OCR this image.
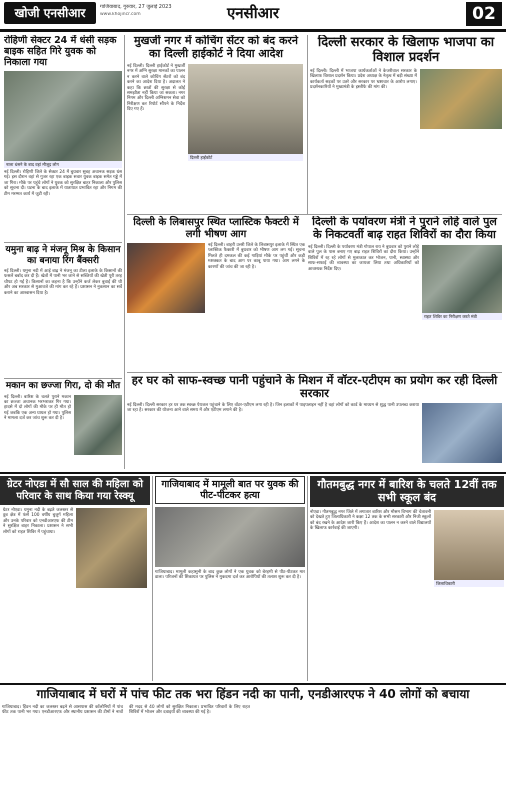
खोजी एनसीआर	गाजियाबाद, गुरुवार, 27 जुलाई 2023
www.khojincr.com	एनसीआर	02
रोहिणी सेक्टर 24 में धंसी सड़क बाइक सहित गिरे युवक को निकाला गया
नाला धंसने के बाद वहां मौजूद लोग
नई दिल्ली। रोहिणी जिले के सेक्टर 24 में बुधवार सुबह अचानक सड़क धंस गई। इस दौरान वहां से गुजर रहा एक बाइक सवार युवक बाइक समेत गड्ढे में जा गिरा। मौके पर पहुंचे लोगों ने युवक को सुरक्षित बाहर निकाला और पुलिस को सूचना दी। घटना के बाद इलाके में यातायात प्रभावित रहा और निगम की टीम मरम्मत कार्य में जुटी रही।
यमुना बाढ़ ने मंजनू मिश्र के किसान का बनाया रिंग बैंक्सरी
नई दिल्ली। यमुना नदी में आई बाढ़ ने मंजनू का टीला इलाके के किसानों की फसलें बर्बाद कर दी हैं। खेतों में पानी भर जाने से सब्जियों की खेती पूरी तरह चौपट हो गई है। किसानों का कहना है कि उन्होंने कर्ज लेकर बुवाई की थी और अब सरकार से मुआवजे की मांग कर रहे हैं। प्रशासन ने नुकसान का सर्वे कराने का आश्वासन दिया है।
मकान का छज्जा गिरा, दो की मौत
नई दिल्ली। बारिश के चलते पुराने मकान का छज्जा अचानक भरभराकर गिर गया। हादसे में दो लोगों की मौके पर ही मौत हो गई जबकि एक अन्य घायल हो गया। पुलिस ने मामला दर्ज कर जांच शुरू कर दी है।
मुखर्जी नगर में कोचिंग सेंटर को बंद करने का दिल्ली हाईकोर्ट ने दिया आदेश
नई दिल्ली। दिल्ली हाईकोर्ट ने मुखर्जी नगर में अग्नि सुरक्षा मानकों का पालन न करने वाले कोचिंग सेंटरों को बंद करने का आदेश दिया है। अदालत ने कहा कि छात्रों की सुरक्षा से कोई समझौता नहीं किया जा सकता। नगर निगम और दिल्ली अग्निशमन सेवा को निरीक्षण कर रिपोर्ट सौंपने के निर्देश दिए गए हैं।
दिल्ली हाईकोर्ट
दिल्ली के लिबासपुर स्थित प्लास्टिक फैक्टरी में लगी भीषण आग
नई दिल्ली। बाहरी उत्तरी जिले के लिबासपुर इलाके में स्थित एक प्लास्टिक फैक्टरी में बुधवार को भीषण आग लग गई। सूचना मिलते ही दमकल की कई गाड़ियां मौके पर पहुंचीं और कड़ी मशक्कत के बाद आग पर काबू पाया गया। आग लगने के कारणों की जांच की जा रही है।
दिल्ली सरकार के खिलाफ भाजपा का विशाल प्रदर्शन
नई दिल्ली। दिल्ली में भाजपा कार्यकर्ताओं ने केजरीवाल सरकार के खिलाफ विशाल प्रदर्शन किया। प्रदेश अध्यक्ष के नेतृत्व में बड़ी संख्या में कार्यकर्ता सड़कों पर उतरे और सरकार पर भ्रष्टाचार के आरोप लगाए। प्रदर्शनकारियों ने मुख्यमंत्री के इस्तीफे की मांग की।
दिल्ली के पर्यावरण मंत्री ने पुराने लोहे वाले पुल के निकटवर्ती बाढ़ राहत शिविरों का दौरा किया
नई दिल्ली। दिल्ली के पर्यावरण मंत्री गोपाल राय ने बुधवार को पुराने लोहे वाले पुल के पास बनाए गए बाढ़ राहत शिविरों का दौरा किया। उन्होंने शिविरों में रह रहे लोगों से मुलाकात कर भोजन, पानी, स्वास्थ्य और साफ-सफाई की व्यवस्था का जायजा लिया तथा अधिकारियों को आवश्यक निर्देश दिए।
राहत शिविर का निरीक्षण करते मंत्री
हर घर को साफ-स्वच्छ पानी पहुंचाने के मिशन में वॉटर-एटीएम का प्रयोग कर रही दिल्ली सरकार
नई दिल्ली। दिल्ली सरकार हर घर तक स्वच्छ पेयजल पहुंचाने के लिए वॉटर-एटीएम लगा रही है। जिन इलाकों में पाइपलाइन नहीं है वहां लोगों को कार्ड के माध्यम से शुद्ध पानी उपलब्ध कराया जा रहा है। सरकार की योजना आने वाले समय में और एटीएम लगाने की है।
ग्रेटर नोएडा में सौ साल की महिला को परिवार के साथ किया गया रेस्क्यू
ग्रेटर नोएडा। यमुना नदी के बढ़ते जलस्तर से डूब क्षेत्र में फंसे 100 वर्षीय बुजुर्ग महिला और उनके परिवार को एनडीआरएफ की टीम ने सुरक्षित बाहर निकाला। प्रशासन ने सभी लोगों को राहत शिविर में पहुंचाया।
गाजियाबाद में मामूली बात पर युवक की पीट-पीटकर हत्या
गाजियाबाद। मामूली कहासुनी के बाद कुछ लोगों ने एक युवक को बेरहमी से पीट-पीटकर मार डाला। परिजनों की शिकायत पर पुलिस ने मुकदमा दर्ज कर आरोपियों की तलाश शुरू कर दी है।
गौतमबुद्ध नगर में बारिश के चलते 12वीं तक सभी स्कूल बंद
नोएडा। गौतमबुद्ध नगर जिले में लगातार बारिश और मौसम विभाग की चेतावनी को देखते हुए जिलाधिकारी ने कक्षा 12 तक के सभी सरकारी और निजी स्कूलों को बंद रखने के आदेश जारी किए हैं। आदेश का पालन न करने वाले विद्यालयों के खिलाफ कार्रवाई की जाएगी।
जिलाधिकारी
गाजियाबाद में घरों में पांच फीट तक भरा हिंडन नदी का पानी, एनडीआरएफ ने 40 लोगों को बचाया
गाजियाबाद। हिंडन नदी का जलस्तर बढ़ने से आसपास की कॉलोनियों में पांच फीट तक पानी भर गया। एनडीआरएफ और स्थानीय प्रशासन की टीमों ने नावों की मदद से 40 लोगों को सुरक्षित निकाला। प्रभावित परिवारों के लिए राहत शिविरों में भोजन और दवाइयों की व्यवस्था की गई है।
